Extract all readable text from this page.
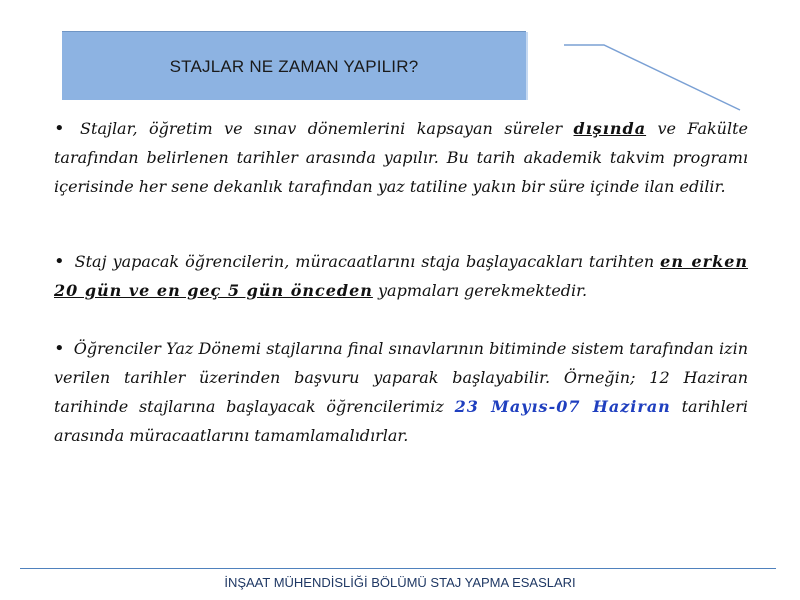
STAJLAR NE ZAMAN YAPILIR?
• Stajlar, öğretim ve sınav dönemlerini kapsayan süreler dışında ve Fakülte tarafından belirlenen tarihler arasında yapılır. Bu tarih akademik takvim programı içerisinde her sene dekanlık tarafından yaz tatiline yakın bir süre içinde ilan edilir.
• Staj yapacak öğrencilerin, müracaatlarını staja başlayacakları tarihten en erken 20 gün ve en geç 5 gün önceden yapmaları gerekmektedir.
• Öğrenciler Yaz Dönemi stajlarına final sınavlarının bitiminde sistem tarafından izin verilen tarihler üzerinden başvuru yaparak başlayabilir. Örneğin; 12 Haziran tarihinde stajlarına başlayacak öğrencilerimiz 23 Mayıs-07 Haziran tarihleri arasında müracaatlarını tamamlamalıdırlar.
İNŞAAT MÜHENDİSLİĞİ BÖLÜMÜ STAJ YAPMA ESASLARI
